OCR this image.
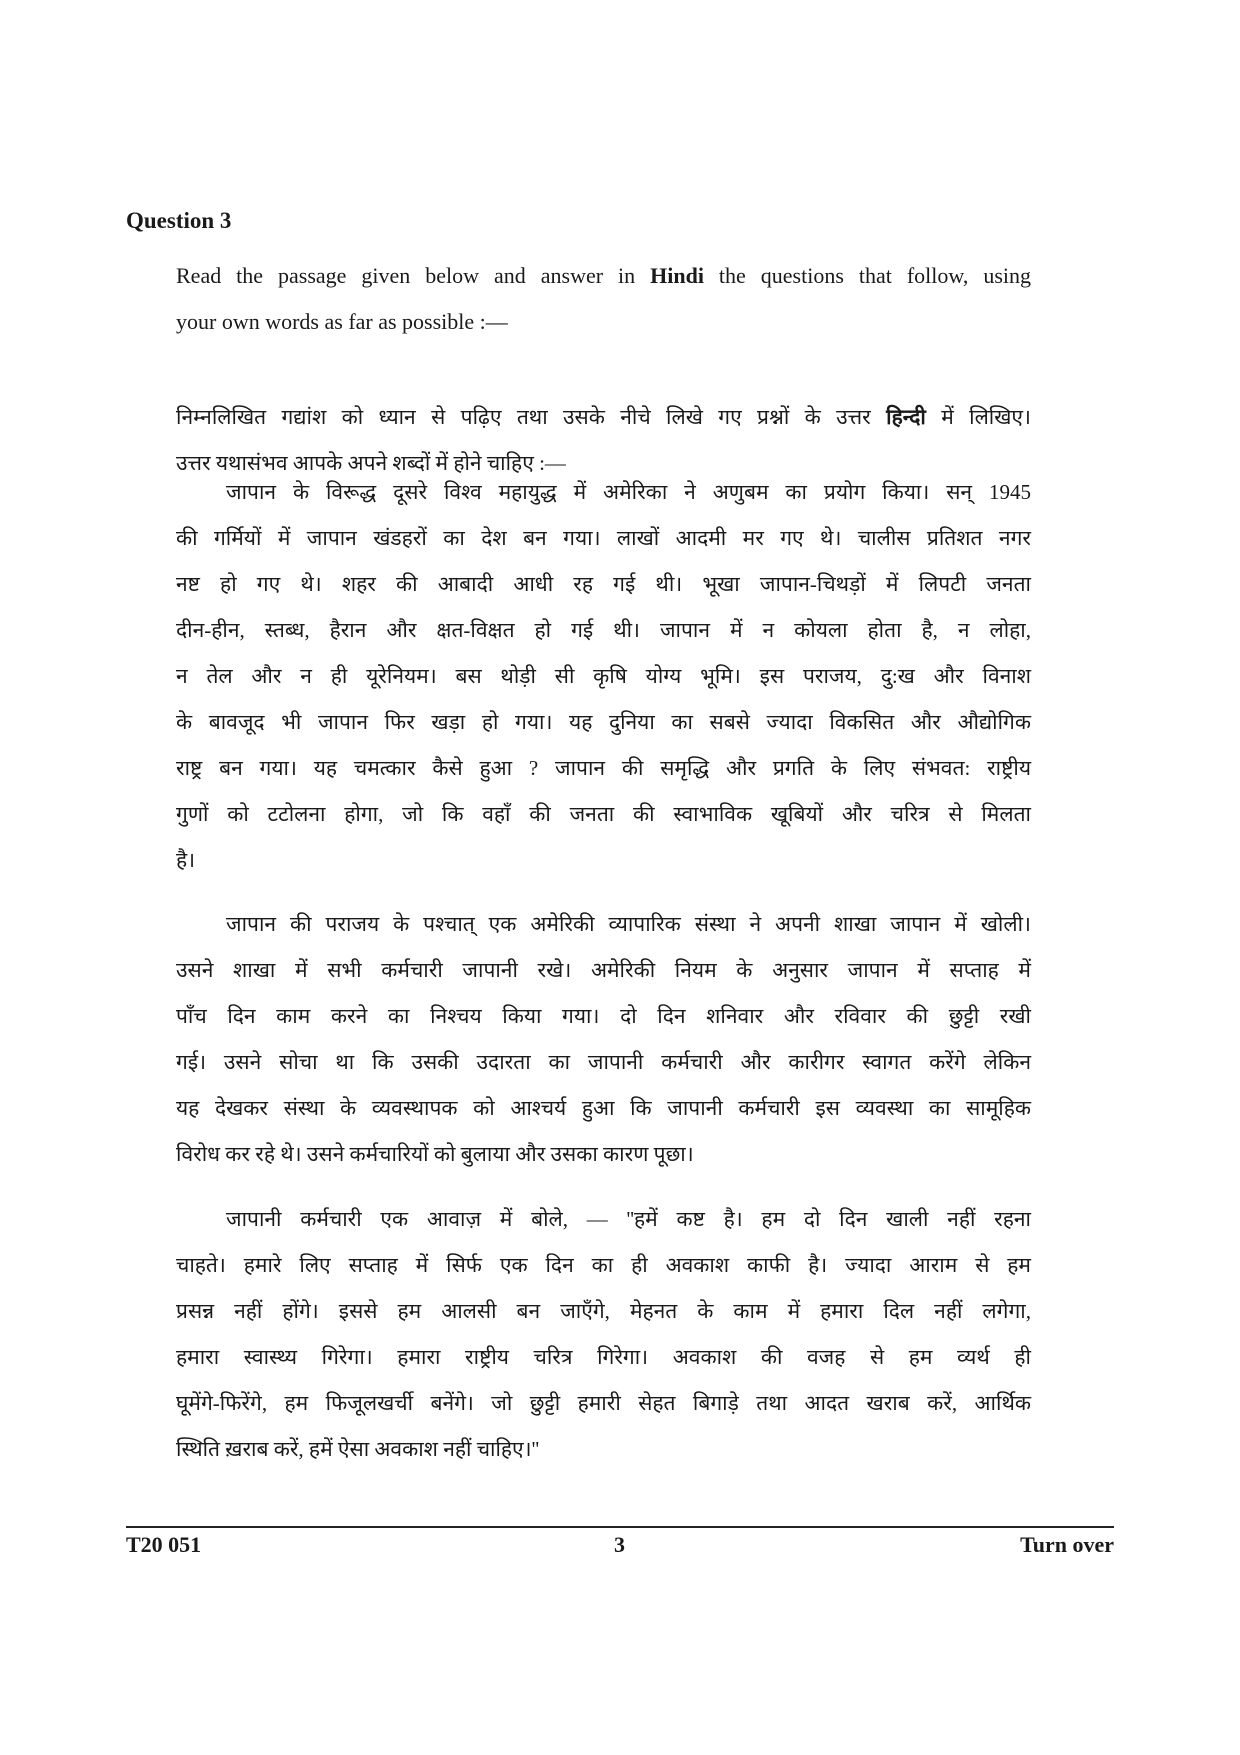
Question 3
Read the passage given below and answer in Hindi the questions that follow, using
your own words as far as possible :—
निम्नलिखित गद्यांश को ध्यान से पढ़िए तथा उसके नीचे लिखे गए प्रश्नों के उत्तर हिन्दी में लिखिए।
उत्तर यथासंभव आपके अपने शब्दों में होने चाहिए :—
जापान के विरूद्ध दूसरे विश्व महायुद्ध में अमेरिका ने अणुबम का प्रयोग किया। सन् 1945
की गर्मियों में जापान खंडहरों का देश बन गया। लाखों आदमी मर गए थे। चालीस प्रतिशत नगर
नष्ट हो गए थे। शहर की आबादी आधी रह गई थी। भूखा जापान-चिथड़ों में लिपटी जनता
दीन-हीन, स्तब्ध, हैरान और क्षत-विक्षत हो गई थी। जापान में न कोयला होता है, न लोहा,
न तेल और न ही यूरेनियम। बस थोड़ी सी कृषि योग्य भूमि। इस पराजय, दु:ख और विनाश
के बावजूद भी जापान फिर खड़ा हो गया। यह दुनिया का सबसे ज्यादा विकसित और औद्योगिक
राष्ट्र बन गया। यह चमत्कार कैसे हुआ ? जापान की समृद्धि और प्रगति के लिए संभवत: राष्ट्रीय
गुणों को टटोलना होगा, जो कि वहाँ की जनता की स्वाभाविक खूबियों और चरित्र से मिलता
है।
जापान की पराजय के पश्चात् एक अमेरिकी व्यापारिक संस्था ने अपनी शाखा जापान में खोली।
उसने शाखा में सभी कर्मचारी जापानी रखे। अमेरिकी नियम के अनुसार जापान में सप्ताह में
पाँच दिन काम करने का निश्चय किया गया। दो दिन शनिवार और रविवार की छुट्टी रखी
गई। उसने सोचा था कि उसकी उदारता का जापानी कर्मचारी और कारीगर स्वागत करेंगे लेकिन
यह देखकर संस्था के व्यवस्थापक को आश्चर्य हुआ कि जापानी कर्मचारी इस व्यवस्था का सामूहिक
विरोध कर रहे थे। उसने कर्मचारियों को बुलाया और उसका कारण पूछा।
जापानी कर्मचारी एक आवाज़ में बोले, — ''हमें कष्ट है। हम दो दिन खाली नहीं रहना
चाहते। हमारे लिए सप्ताह में सिर्फ एक दिन का ही अवकाश काफी है। ज्यादा आराम से हम
प्रसन्न नहीं होंगे। इससे हम आलसी बन जाएँगे, मेहनत के काम में हमारा दिल नहीं लगेगा,
हमारा स्वास्थ्य गिरेगा। हमारा राष्ट्रीय चरित्र गिरेगा। अवकाश की वजह से हम व्यर्थ ही
घूमेंगे-फिरेंगे, हम फिजूलखर्ची बनेंगे। जो छुट्टी हमारी सेहत बिगाड़े तथा आदत खराब करें, आर्थिक
स्थिति ख़राब करें, हमें ऐसा अवकाश नहीं चाहिए।''
T20 051	3	Turn over
